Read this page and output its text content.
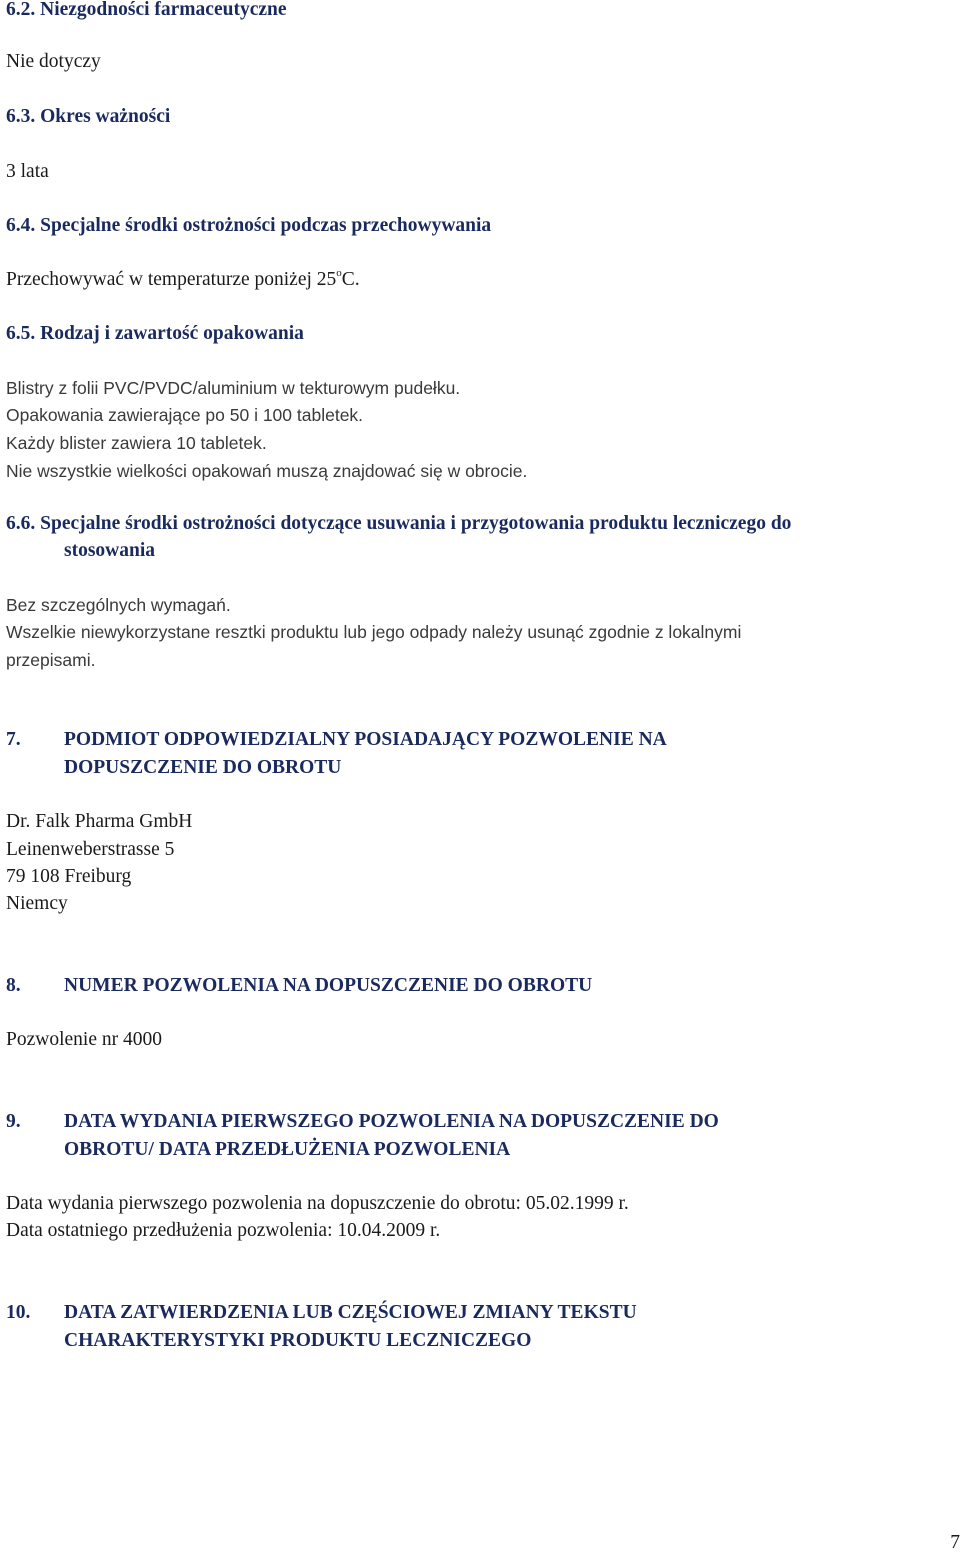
6.2. Niezgodności farmaceutyczne
Nie dotyczy
6.3. Okres ważności
3 lata
6.4. Specjalne środki ostrożności podczas przechowywania
Przechowywać w temperaturze poniżej 25$^o$C.
6.5. Rodzaj i zawartość opakowania
Blistry z folii PVC/PVDC/aluminium w tekturowym pudełku.
Opakowania zawierające po 50 i 100 tabletek.
Każdy blister zawiera 10 tabletek.
Nie wszystkie wielkości opakowań muszą znajdować się w obrocie.
6.6. Specjalne środki ostrożności dotyczące usuwania i przygotowania produktu leczniczego do
stosowania
Bez szczególnych wymagań.
Wszelkie niewykorzystane resztki produktu lub jego odpady należy usunąć zgodnie z lokalnymi
przepisami.
7. PODMIOT ODPOWIEDZIALNY POSIADAJĄCY POZWOLENIE NA
DOPUSZCZENIE DO OBROTU
Dr. Falk Pharma GmbH
Leinenweberstrasse 5
79 108 Freiburg
Niemcy
8. NUMER POZWOLENIA NA DOPUSZCZENIE DO OBROTU
Pozwolenie nr 4000
9. DATA WYDANIA PIERWSZEGO POZWOLENIA NA DOPUSZCZENIE DO
OBROTU/ DATA PRZEDŁUŻENIA POZWOLENIA
Data wydania pierwszego pozwolenia na dopuszczenie do obrotu: 05.02.1999 r.
Data ostatniego przedłużenia pozwolenia: 10.04.2009 r.
10. DATA ZATWIERDZENIA LUB CZĘŚCIOWEJ ZMIANY TEKSTU
CHARAKTERYSTYKI PRODUKTU LECZNICZEGO
7
